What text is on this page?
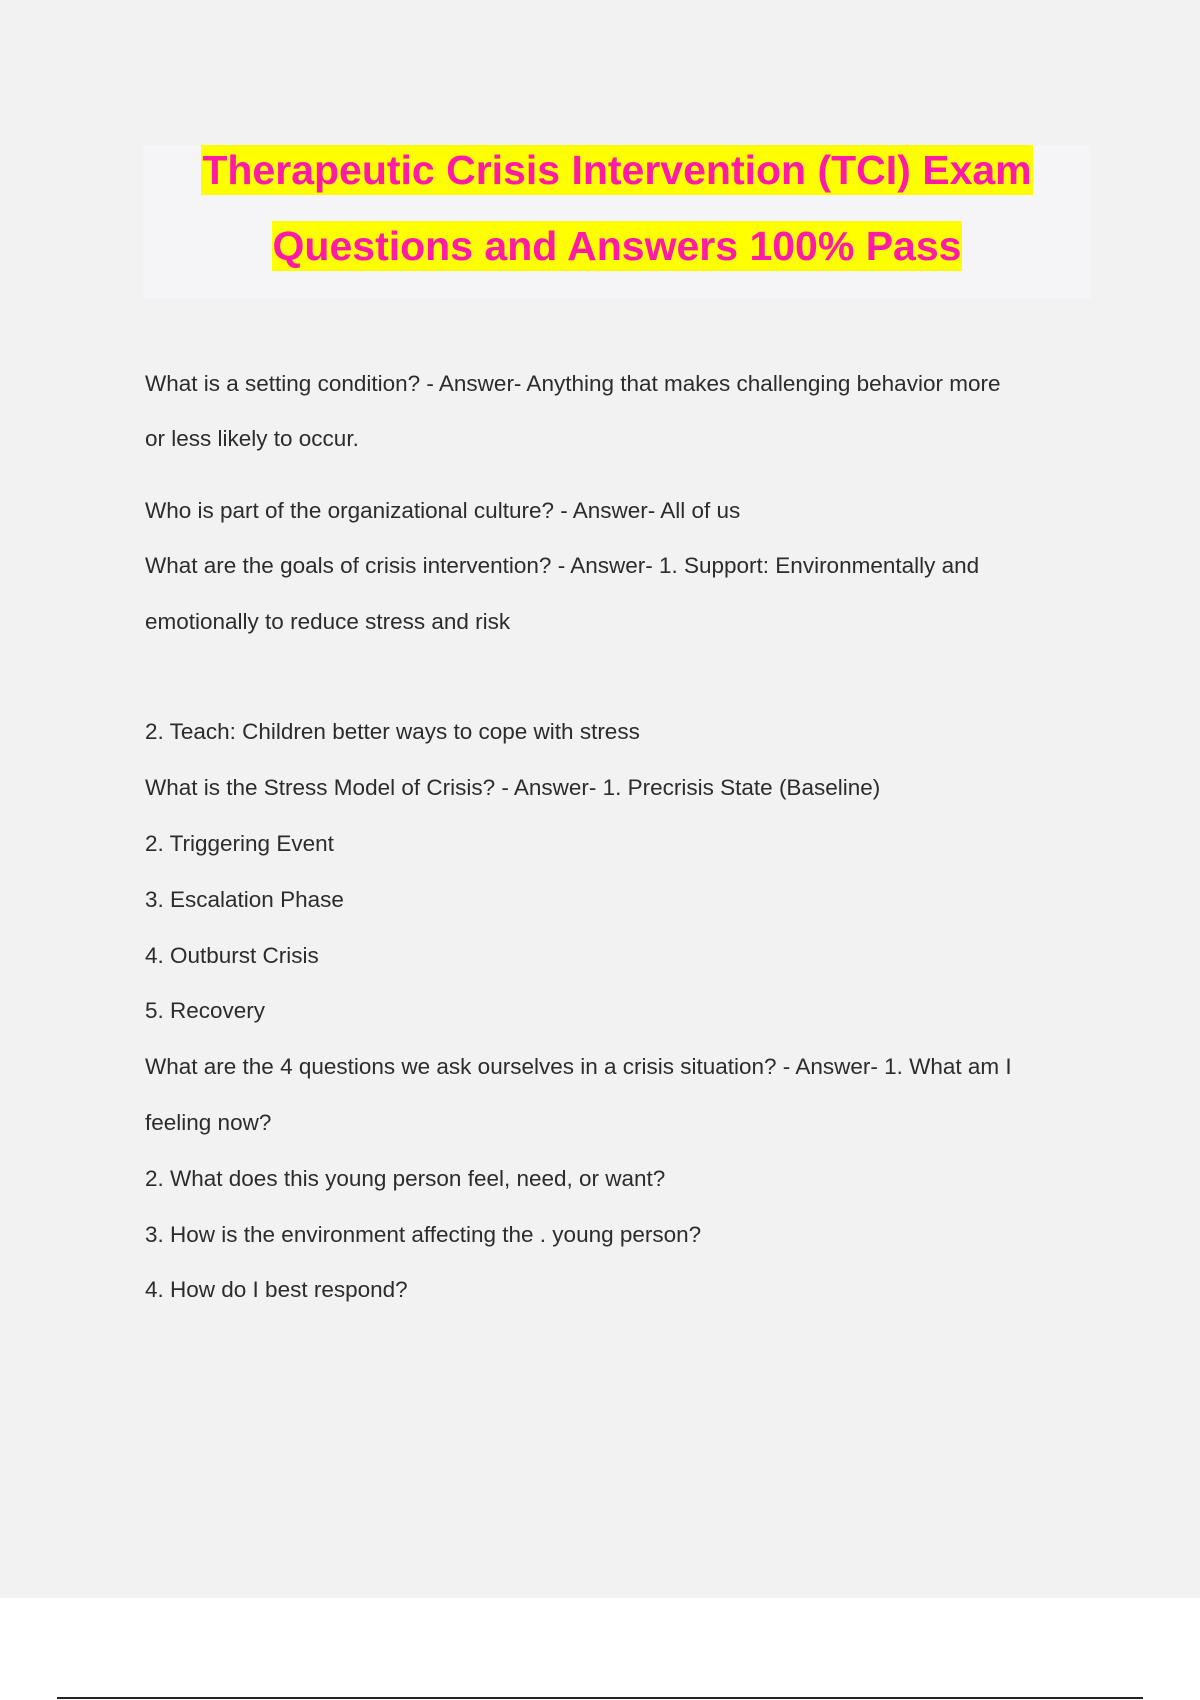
Therapeutic Crisis Intervention (TCI) Exam
Questions and Answers 100% Pass
What is a setting condition? - Answer- Anything that makes challenging behavior more
or less likely to occur.
Who is part of the organizational culture? - Answer- All of us
What are the goals of crisis intervention? - Answer- 1. Support: Environmentally and
emotionally to reduce stress and risk
2. Teach: Children better ways to cope with stress
What is the Stress Model of Crisis? - Answer- 1. Precrisis State (Baseline)
2. Triggering Event
3. Escalation Phase
4. Outburst Crisis
5. Recovery
What are the 4 questions we ask ourselves in a crisis situation? - Answer- 1. What am I
feeling now?
2. What does this young person feel, need, or want?
3. How is the environment affecting the . young person?
4. How do I best respond?
